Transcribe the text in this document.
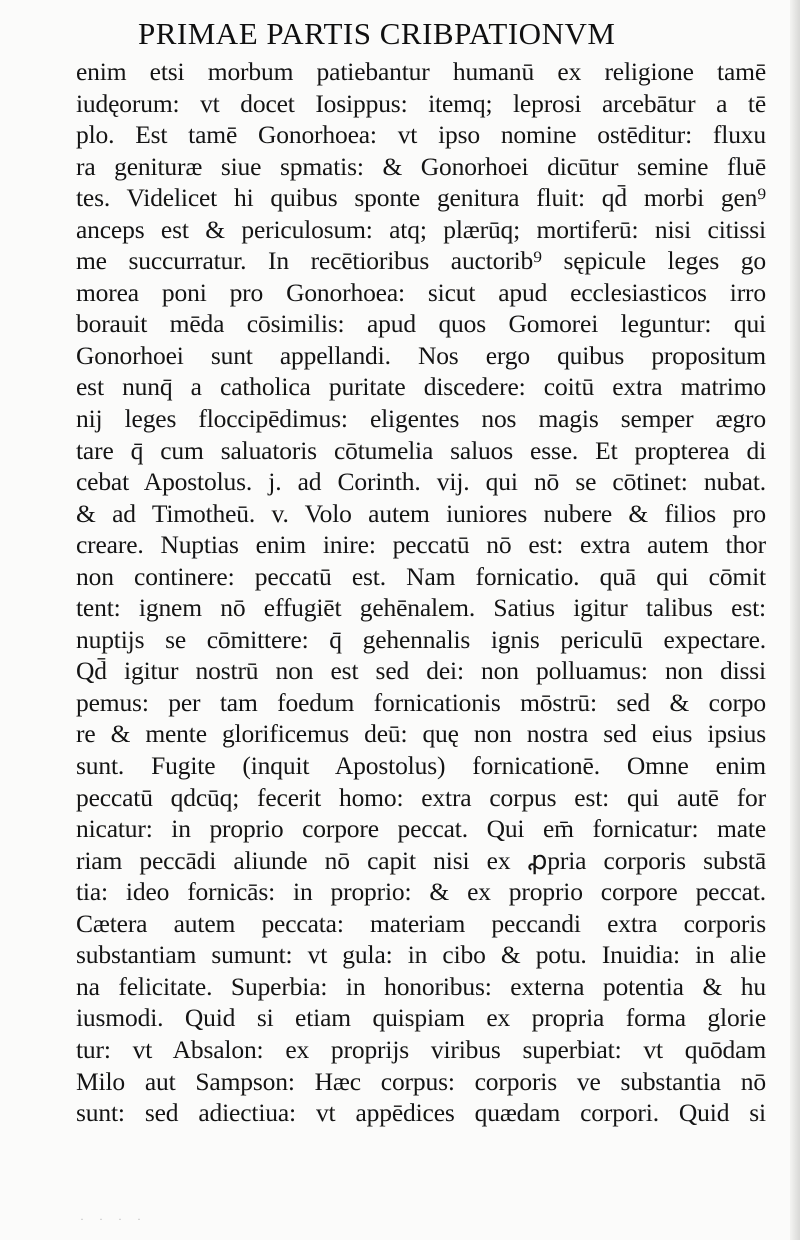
PRIMAE PARTIS CRIBPATIONVM
enim etsi morbum patiebantur humanū ex religione tamē
iudęorum: vt docet Iosippus: itemq; leprosi arcebātur a tē
plo. Est tamē Gonorhoea: vt ipso nomine ostēditur: fluxu
ra genituræ siue spmatis: & Gonorhoei dicūtur semine fluē
tes. Videlicet hi quibus sponte genitura fluit: qd̄ morbi gen⁹
anceps est & periculosum: atq; plærūq; mortiferū: nisi citissi
me succurratur. In recētioribus auctorib⁹ sępicule leges go
morea poni pro Gonorhoea: sicut apud ecclesiasticos irro
borauit mēda cōsimilis: apud quos Gomorei leguntur: qui
Gonorhoei sunt appellandi. Nos ergo quibus propositum
est nunq̄ a catholica puritate discedere: coitū extra matrimo
nij leges floccipēdimus: eligentes nos magis semper ægro
tare q̄ cum saluatoris cōtumelia saluos esse. Et propterea di
cebat Apostolus. j. ad Corinth. vij. qui nō se cōtinet: nubat.
& ad Timotheū. v. Volo autem iuniores nubere & filios pro
creare. Nuptias enim inire: peccatū nō est: extra autem thor
non continere: peccatū est. Nam fornicatio. quā qui cōmit
tent: ignem nō effugiēt gehēnalem. Satius igitur talibus est:
nuptijs se cōmittere: q̄ gehennalis ignis periculū expectare.
Qd̄ igitur nostrū non est sed dei: non polluamus: non dissi
pemus: per tam foedum fornicationis mōstrū: sed & corpo
re & mente glorificemus deū: quę non nostra sed eius ipsius
sunt. Fugite (inquit Apostolus) fornicationē. Omne enim
peccatū qdcūq; fecerit homo: extra corpus est: qui autē for
nicatur: in proprio corpore peccat. Qui em̄ fornicatur: mate
riam peccādi aliunde nō capit nisi ex ꝓpria corporis substā
tia: ideo fornicās: in proprio: & ex proprio corpore peccat.
Cætera autem peccata: materiam peccandi extra corporis
substantiam sumunt: vt gula: in cibo & potu. Inuidia: in alie
na felicitate. Superbia: in honoribus: externa potentia & hu
iusmodi. Quid si etiam quispiam ex propria forma glorie
tur: vt Absalon: ex proprijs viribus superbiat: vt quōdam
Milo aut Sampson: Hæc corpus: corporis ve substantia nō
sunt: sed adiectiua: vt appēdices quædam corpori. Quid si
· · · ·
